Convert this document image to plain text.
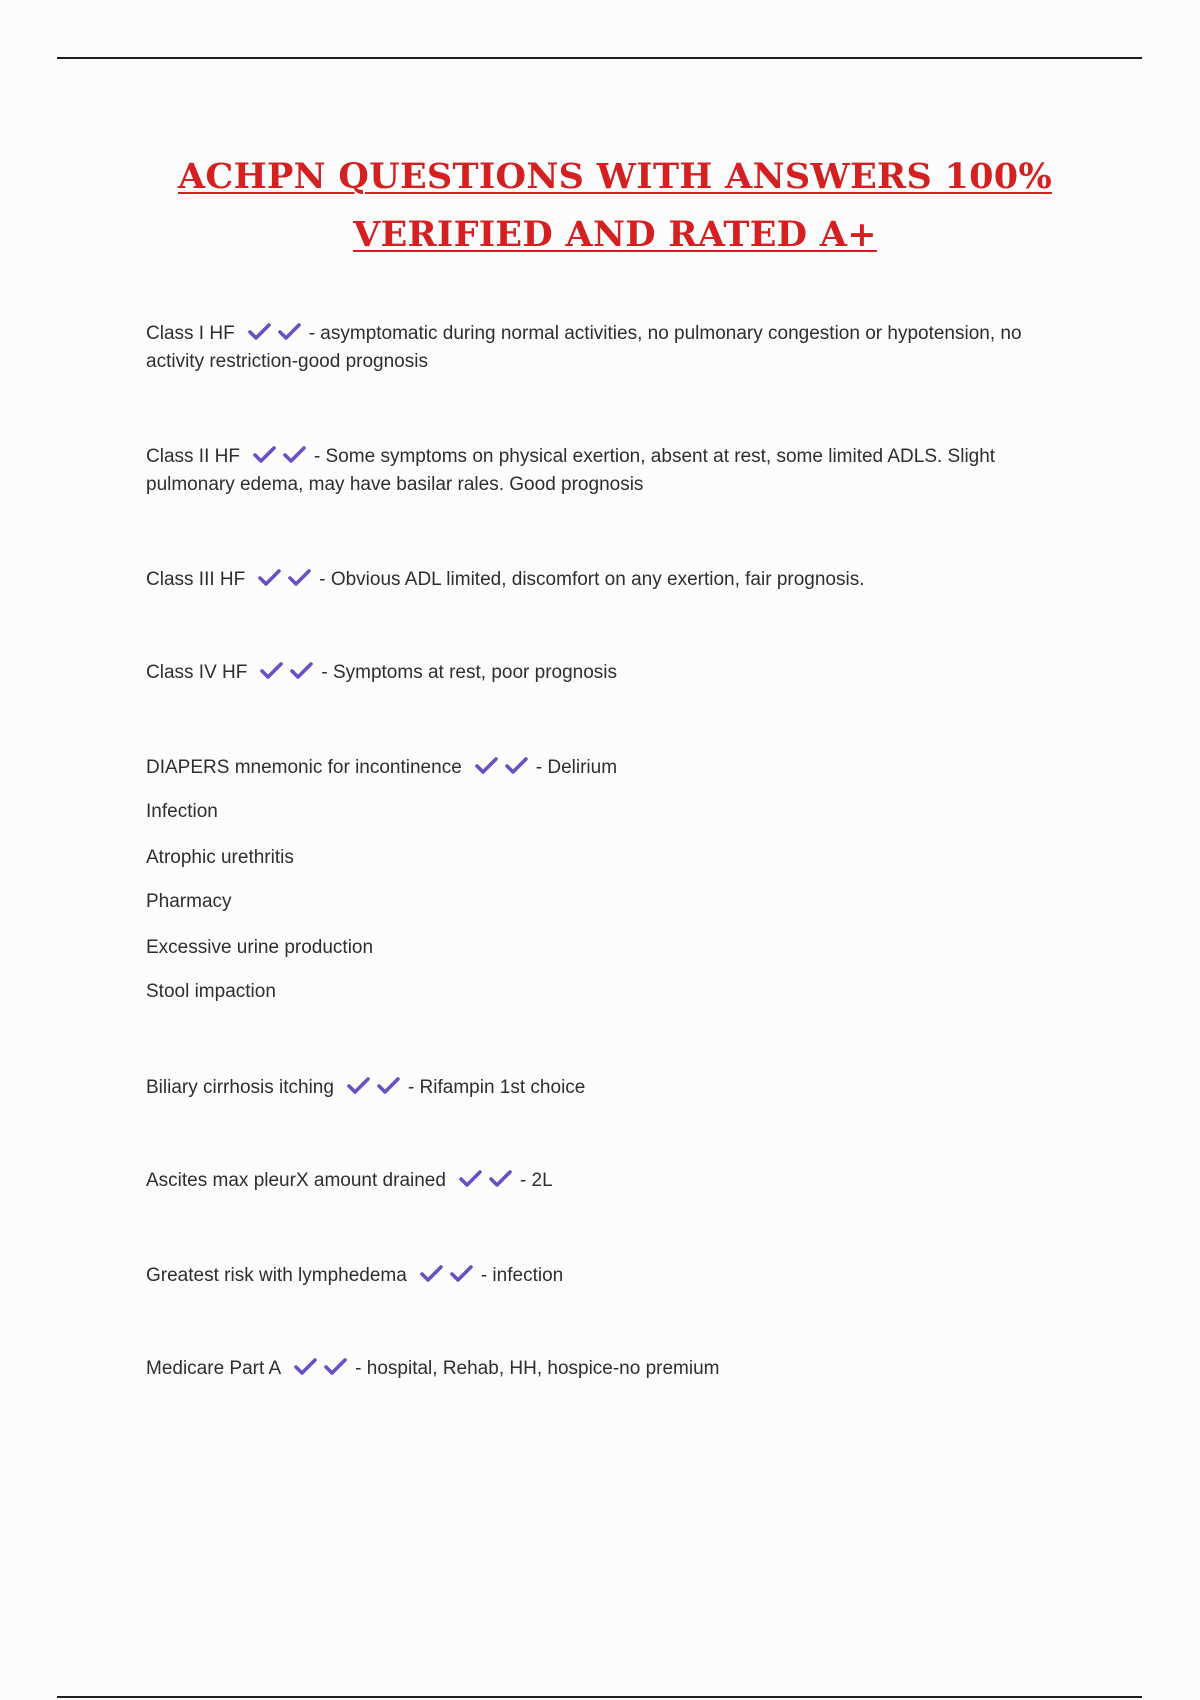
ACHPN QUESTIONS WITH ANSWERS 100% VERIFIED AND RATED A+
Class I HF	- asymptomatic during normal activities, no pulmonary congestion or hypotension, no
activity restriction-good prognosis
Class II HF	- Some symptoms on physical exertion, absent at rest, some limited ADLS. Slight
pulmonary edema, may have basilar rales. Good prognosis
Class III HF	- Obvious ADL limited, discomfort on any exertion, fair prognosis.
Class IV HF	- Symptoms at rest, poor prognosis
DIAPERS mnemonic for incontinence	- Delirium
Infection
Atrophic urethritis
Pharmacy
Excessive urine production
Stool impaction
Biliary cirrhosis itching	- Rifampin 1st choice
Ascites max pleurX amount drained	- 2L
Greatest risk with lymphedema	- infection
Medicare Part A	- hospital, Rehab, HH, hospice-no premium
